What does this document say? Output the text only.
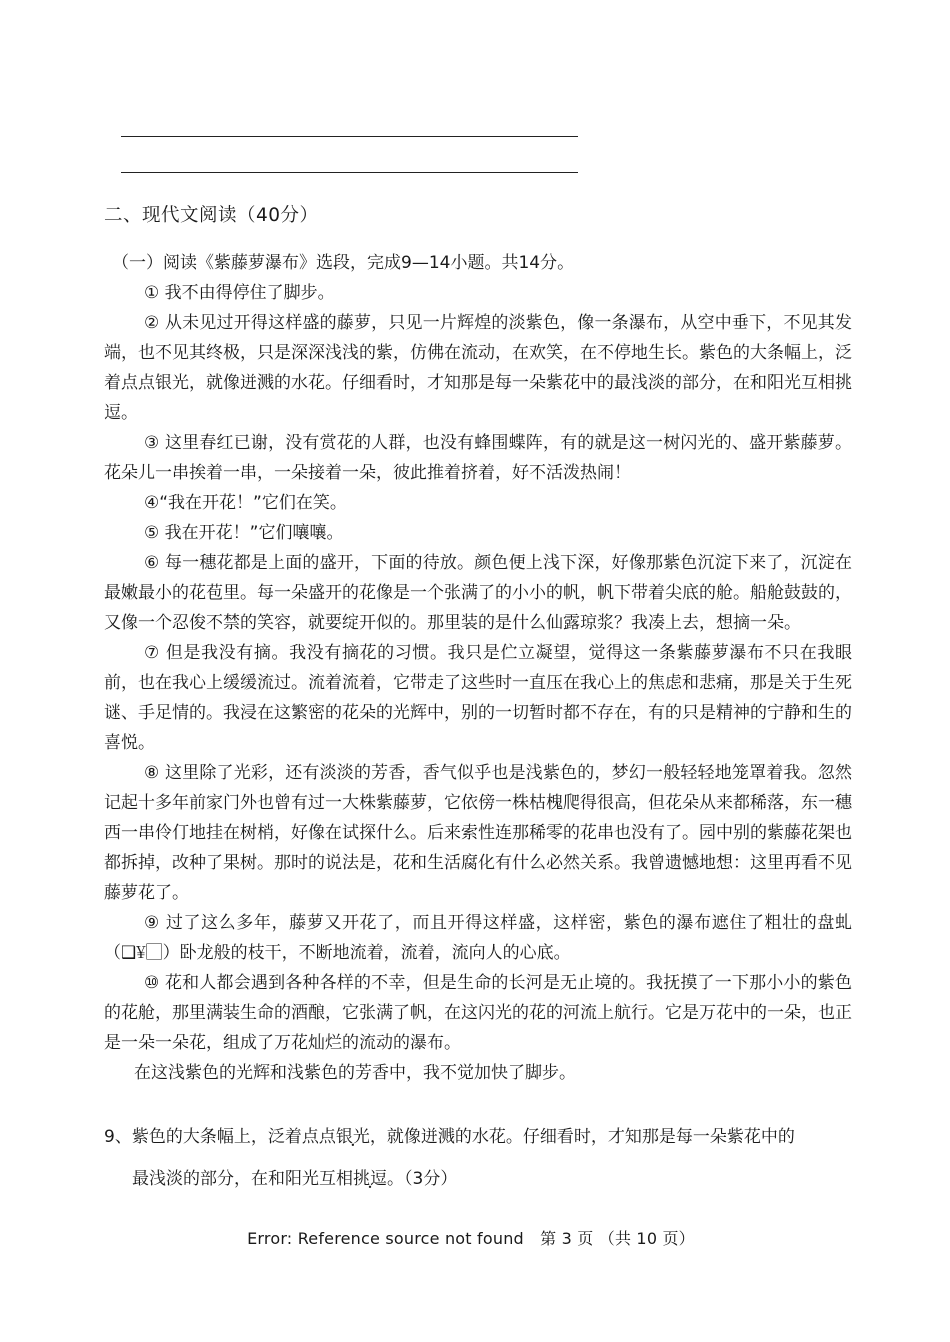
二、现代文阅读（40分）

（一）阅读《紫藤萝瀑布》选段，完成9—14小题。共14分。

① 我不由得停住了脚步。

② 从未见过开得这样盛的藤萝，只见一片辉煌的淡紫色，像一条瀑布，从空中垂下，不见其发端，也不见其终极，只是深深浅浅的紫，仿佛在流动，在欢笑，在不停地生长。紫色的大条幅上，泛着点点银光，就像迸溅的水花。仔细看时，才知那是每一朵紫花中的最浅淡的部分，在和阳光互相挑逗。

③ 这里春红已谢，没有赏花的人群，也没有蜂围蝶阵，有的就是这一树闪光的、盛开紫藤萝。花朵儿一串挨着一串，一朵接着一朵，彼此推着挤着，好不活泼热闹！

④“我在开花！”它们在笑。

⑤ 我在开花！”它们嚷嚷。

⑥ 每一穗花都是上面的盛开，下面的待放。颜色便上浅下深，好像那紫色沉淀下来了，沉淀在最嫩最小的花苞里。每一朵盛开的花像是一个张满了的小小的帆，帆下带着尖底的舱。船舱鼓鼓的，又像一个忍俊不禁的笑容，就要绽开似的。那里装的是什么仙露琼浆？我凑上去，想摘一朵。

⑦ 但是我没有摘。我没有摘花的习惯。我只是伫立凝望，觉得这一条紫藤萝瀑布不只在我眼前，也在我心上缓缓流过。流着流着，它带走了这些时一直压在我心上的焦虑和悲痛，那是关于生死谜、手足情的。我浸在这繁密的花朵的光辉中，别的一切暂时都不存在，有的只是精神的宁静和生的喜悦。

⑧ 这里除了光彩，还有淡淡的芳香，香气似乎也是浅紫色的，梦幻一般轻轻地笼罩着我。忽然记起十多年前家门外也曾有过一大株紫藤萝，它依傍一株枯槐爬得很高，但花朵从来都稀落，东一穗西一串伶仃地挂在树梢，好像在试探什么。后来索性连那稀零的花串也没有了。园中别的紫藤花架也都拆掉，改种了果树。那时的说法是，花和生活腐化有什么必然关系。我曾遗憾地想：这里再看不见藤萝花了。

⑨ 过了这么多年，藤萝又开花了，而且开得这样盛，这样密，紫色的瀑布遮住了粗壮的盘虬（❑¥⃞）卧龙般的枝干，不断地流着，流着，流向人的心底。

⑩ 花和人都会遇到各种各样的不幸，但是生命的长河是无止境的。我抚摸了一下那小小的紫色的花舱，那里满装生命的酒酿，它张满了帆，在这闪光的花的河流上航行。它是万花中的一朵，也正是一朵一朵花，组成了万花灿烂的流动的瀑布。

在这浅紫色的光辉和浅紫色的芳香中，我不觉加快了脚步。

9、紫色的大条幅上，泛着点点银光，就像迸溅的水花。仔细看时，才知那是每一朵紫花中的
最浅淡的部分，在和阳光互相挑逗。（3分）
Error: Reference source not found　第 3 页 （共 10 页）
